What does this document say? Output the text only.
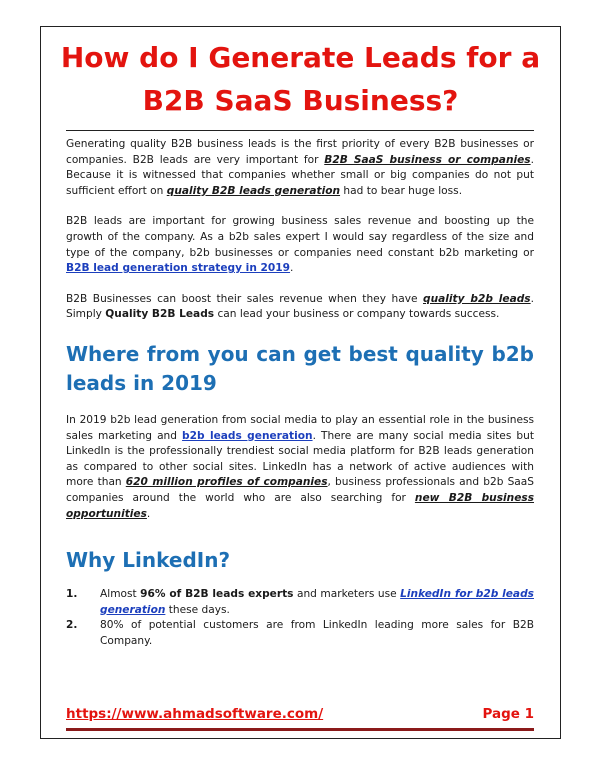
How do I Generate Leads for a B2B SaaS Business?

Generating quality B2B business leads is the first priority of every B2B businesses or companies. B2B leads are very important for B2B SaaS business or companies. Because it is witnessed that companies whether small or big companies do not put sufficient effort on quality B2B leads generation had to bear huge loss.

B2B leads are important for growing business sales revenue and boosting up the growth of the company. As a b2b sales expert I would say regardless of the size and type of the company, b2b businesses or companies need constant b2b marketing or B2B lead generation strategy in 2019.

B2B Businesses can boost their sales revenue when they have quality b2b leads. Simply Quality B2B Leads can lead your business or company towards success.

Where from you can get best quality b2b leads in 2019

In 2019 b2b lead generation from social media to play an essential role in the business sales marketing and b2b leads generation. There are many social media sites but LinkedIn is the professionally trendiest social media platform for B2B leads generation as compared to other social sites. LinkedIn has a network of active audiences with more than 620 million profiles of companies, business professionals and b2b SaaS companies around the world who are also searching for new B2B business opportunities.

Why LinkedIn?
1.	Almost 96% of B2B leads experts and marketers use LinkedIn for b2b leads generation these days.
2.	80% of potential customers are from LinkedIn leading more sales for B2B Company.
https://www.ahmadsoftware.com/	Page 1
